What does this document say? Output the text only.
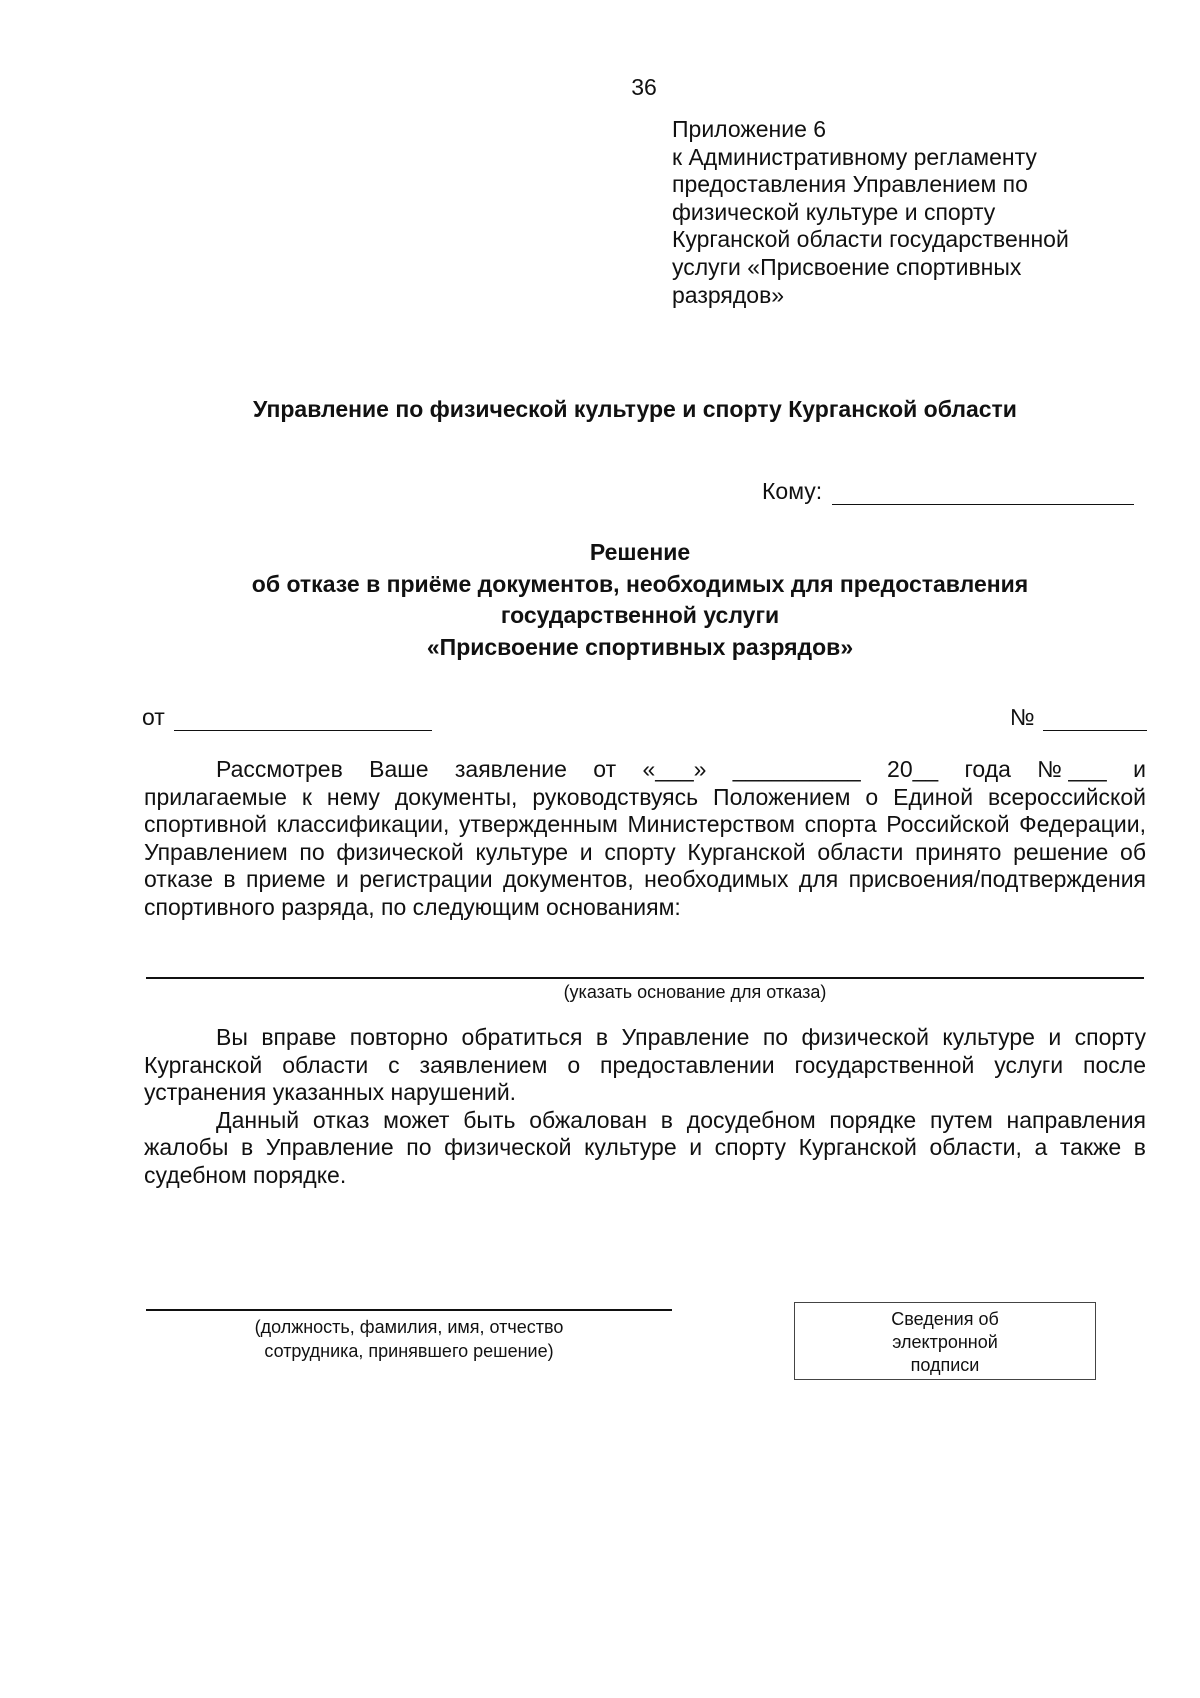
36
Приложение 6
к Административному регламенту
предоставления Управлением по
физической культуре и спорту
Курганской области государственной
услуги «Присвоение спортивных
разрядов»
Управление по физической культуре и спорту Курганской области
Кому:
Решение
об отказе в приёме документов, необходимых для предоставления
государственной услуги
«Присвоение спортивных разрядов»
от	№
Рассмотрев Ваше заявление от «___» __________ 20__ года № ___ и
прилагаемые к нему документы, руководствуясь Положением о Единой всероссийской спортивной классификации, утвержденным Министерством спорта Российской Федерации, Управлением по физической культуре и спорту Курганской области принято решение об отказе в приеме и регистрации документов, необходимых для присвоения/подтверждения спортивного разряда, по следующим основаниям:
(указать основание для отказа)

Вы вправе повторно обратиться в Управление по физической культуре и спорту Курганской области с заявлением о предоставлении государственной услуги после устранения указанных нарушений.

Данный отказ может быть обжалован в досудебном порядке путем направления жалобы в Управление по физической культуре и спорту Курганской области, а также в судебном порядке.

(должность, фамилия, имя, отчество
сотрудника, принявшего решение)
Сведения об
электронной
подписи
